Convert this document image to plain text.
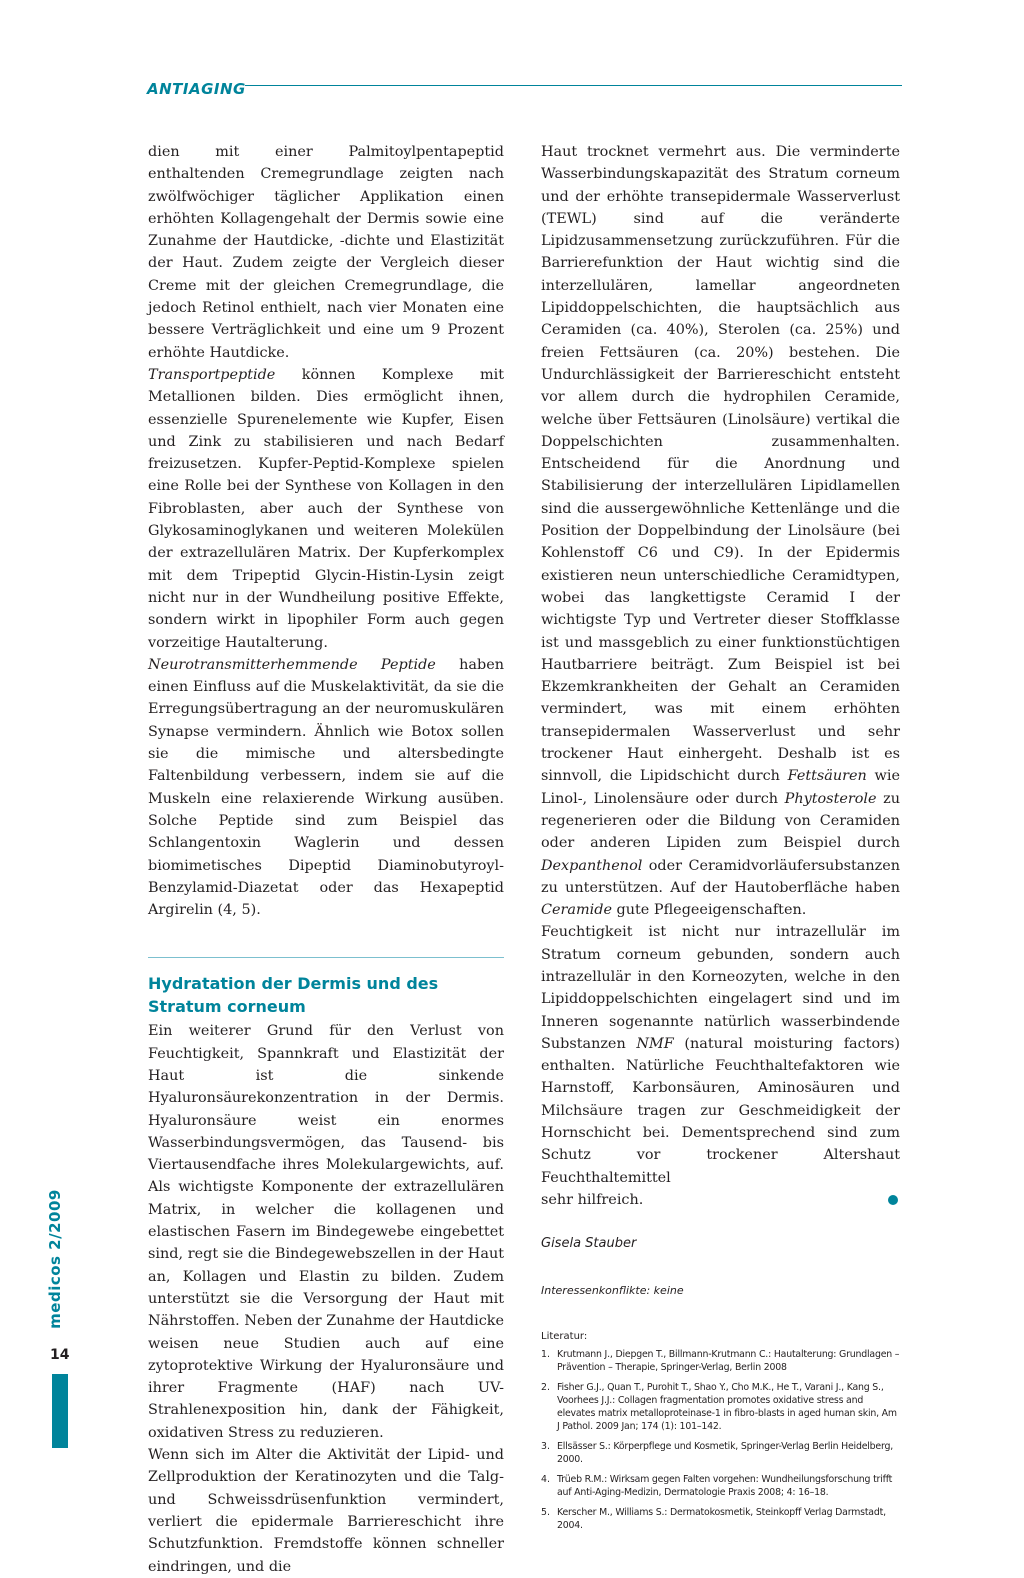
ANTIAGING

dien mit einer Palmitoylpentapeptid enthaltenden Cremegrundlage zeigten nach zwölfwöchiger täglicher Applikation einen erhöhten Kollagengehalt der Dermis sowie eine Zunahme der Hautdicke, -dichte und Elastizität der Haut. Zudem zeigte der Vergleich dieser Creme mit der gleichen Cremegrundlage, die jedoch Retinol enthielt, nach vier Monaten eine bessere Verträglichkeit und eine um 9 Prozent erhöhte Hautdicke.

Transportpeptide können Komplexe mit Metallionen bilden. Dies ermöglicht ihnen, essenzielle Spurenelemente wie Kupfer, Eisen und Zink zu stabilisieren und nach Bedarf freizusetzen. Kupfer-Peptid-Komplexe spielen eine Rolle bei der Synthese von Kollagen in den Fibroblasten, aber auch der Synthese von Glykosaminoglykanen und weiteren Molekülen der extrazellulären Matrix. Der Kupferkomplex mit dem Tripeptid Glycin-Histin-Lysin zeigt nicht nur in der Wundheilung positive Effekte, sondern wirkt in lipophiler Form auch gegen vorzeitige Hautalterung.

Neurotransmitterhemmende Peptide haben einen Einfluss auf die Muskelaktivität, da sie die Erregungsübertragung an der neuromuskulären Synapse vermindern. Ähnlich wie Botox sollen sie die mimische und altersbedingte Faltenbildung verbessern, indem sie auf die Muskeln eine relaxierende Wirkung ausüben. Solche Peptide sind zum Beispiel das Schlangentoxin Waglerin und dessen biomimetisches Dipeptid Diaminobutyroyl-Benzylamid-Diazetat oder das Hexapeptid Argirelin (4, 5).

Hydratation der Dermis und des Stratum corneum

Ein weiterer Grund für den Verlust von Feuchtigkeit, Spannkraft und Elastizität der Haut ist die sinkende Hyaluronsäurekonzentration in der Dermis. Hyaluronsäure weist ein enormes Wasserbindungsvermögen, das Tausend- bis Viertausendfache ihres Molekulargewichts, auf. Als wichtigste Komponente der extrazellulären Matrix, in welcher die kollagenen und elastischen Fasern im Bindegewebe eingebettet sind, regt sie die Bindegewebszellen in der Haut an, Kollagen und Elastin zu bilden. Zudem unterstützt sie die Versorgung der Haut mit Nährstoffen. Neben der Zunahme der Hautdicke weisen neue Studien auch auf eine zytoprotektive Wirkung der Hyaluronsäure und ihrer Fragmente (HAF) nach UV-Strahlenexposition hin, dank der Fähigkeit, oxidativen Stress zu reduzieren.

Wenn sich im Alter die Aktivität der Lipid- und Zellproduktion der Keratinozyten und die Talg- und Schweissdrüsenfunktion vermindert, verliert die epidermale Barriereschicht ihre Schutzfunktion. Fremdstoffe können schneller eindringen, und die

Haut trocknet vermehrt aus. Die verminderte Wasserbindungskapazität des Stratum corneum und der erhöhte transepidermale Wasserverlust (TEWL) sind auf die veränderte Lipidzusammensetzung zurückzuführen. Für die Barrierefunktion der Haut wichtig sind die interzellulären, lamellar angeordneten Lipiddoppelschichten, die hauptsächlich aus Ceramiden (ca. 40%), Sterolen (ca. 25%) und freien Fettsäuren (ca. 20%) bestehen. Die Undurchlässigkeit der Barriereschicht entsteht vor allem durch die hydrophilen Ceramide, welche über Fettsäuren (Linolsäure) vertikal die Doppelschichten zusammenhalten. Entscheidend für die Anordnung und Stabilisierung der interzellulären Lipidlamellen sind die aussergewöhnliche Kettenlänge und die Position der Doppelbindung der Linolsäure (bei Kohlenstoff C6 und C9). In der Epidermis existieren neun unterschiedliche Ceramidtypen, wobei das langkettigste Ceramid I der wichtigste Typ und Vertreter dieser Stoffklasse ist und massgeblich zu einer funktionstüchtigen Hautbarriere beiträgt. Zum Beispiel ist bei Ekzemkrankheiten der Gehalt an Ceramiden vermindert, was mit einem erhöhten transepidermalen Wasserverlust und sehr trockener Haut einhergeht. Deshalb ist es sinnvoll, die Lipidschicht durch Fettsäuren wie Linol-, Linolensäure oder durch Phytosterole zu regenerieren oder die Bildung von Ceramiden oder anderen Lipiden zum Beispiel durch Dexpanthenol oder Ceramidvorläufersubstanzen zu unterstützen. Auf der Hautoberfläche haben Ceramide gute Pflegeeigenschaften.

Feuchtigkeit ist nicht nur intrazellulär im Stratum corneum gebunden, sondern auch intrazellulär in den Korneozyten, welche in den Lipiddoppelschichten eingelagert sind und im Inneren sogenannte natürlich wasserbindende Substanzen NMF (natural moisturing factors) enthalten. Natürliche Feuchthaltefaktoren wie Harnstoff, Karbonsäuren, Aminosäuren und Milchsäure tragen zur Geschmeidigkeit der Hornschicht bei. Dementsprechend sind zum Schutz vor trockener Altershaut Feuchthaltemittel

sehr hilfreich.
Gisela Stauber
Interessenkonflikte: keine
Literatur:
1. Krutmann J., Diepgen T., Billmann-Krutmann C.: Hautalterung: Grundlagen – Prävention – Therapie, Springer-Verlag, Berlin 2008
2. Fisher G.J., Quan T., Purohit T., Shao Y., Cho M.K., He T., Varani J., Kang S., Voorhees J.J.: Collagen fragmentation promotes oxidative stress and elevates matrix metalloproteinase-1 in fibro-blasts in aged human skin, Am J Pathol. 2009 Jan; 174 (1): 101–142.
3. Ellsässer S.: Körperpflege und Kosmetik, Springer-Verlag Berlin Heidelberg, 2000.
4. Trüeb R.M.: Wirksam gegen Falten vorgehen: Wundheilungsforschung trifft auf Anti-Aging-Medizin, Dermatologie Praxis 2008; 4: 16–18.
5. Kerscher M., Williams S.: Dermatokosmetik, Steinkopff Verlag Darmstadt, 2004.
medicos 2/2009
14
